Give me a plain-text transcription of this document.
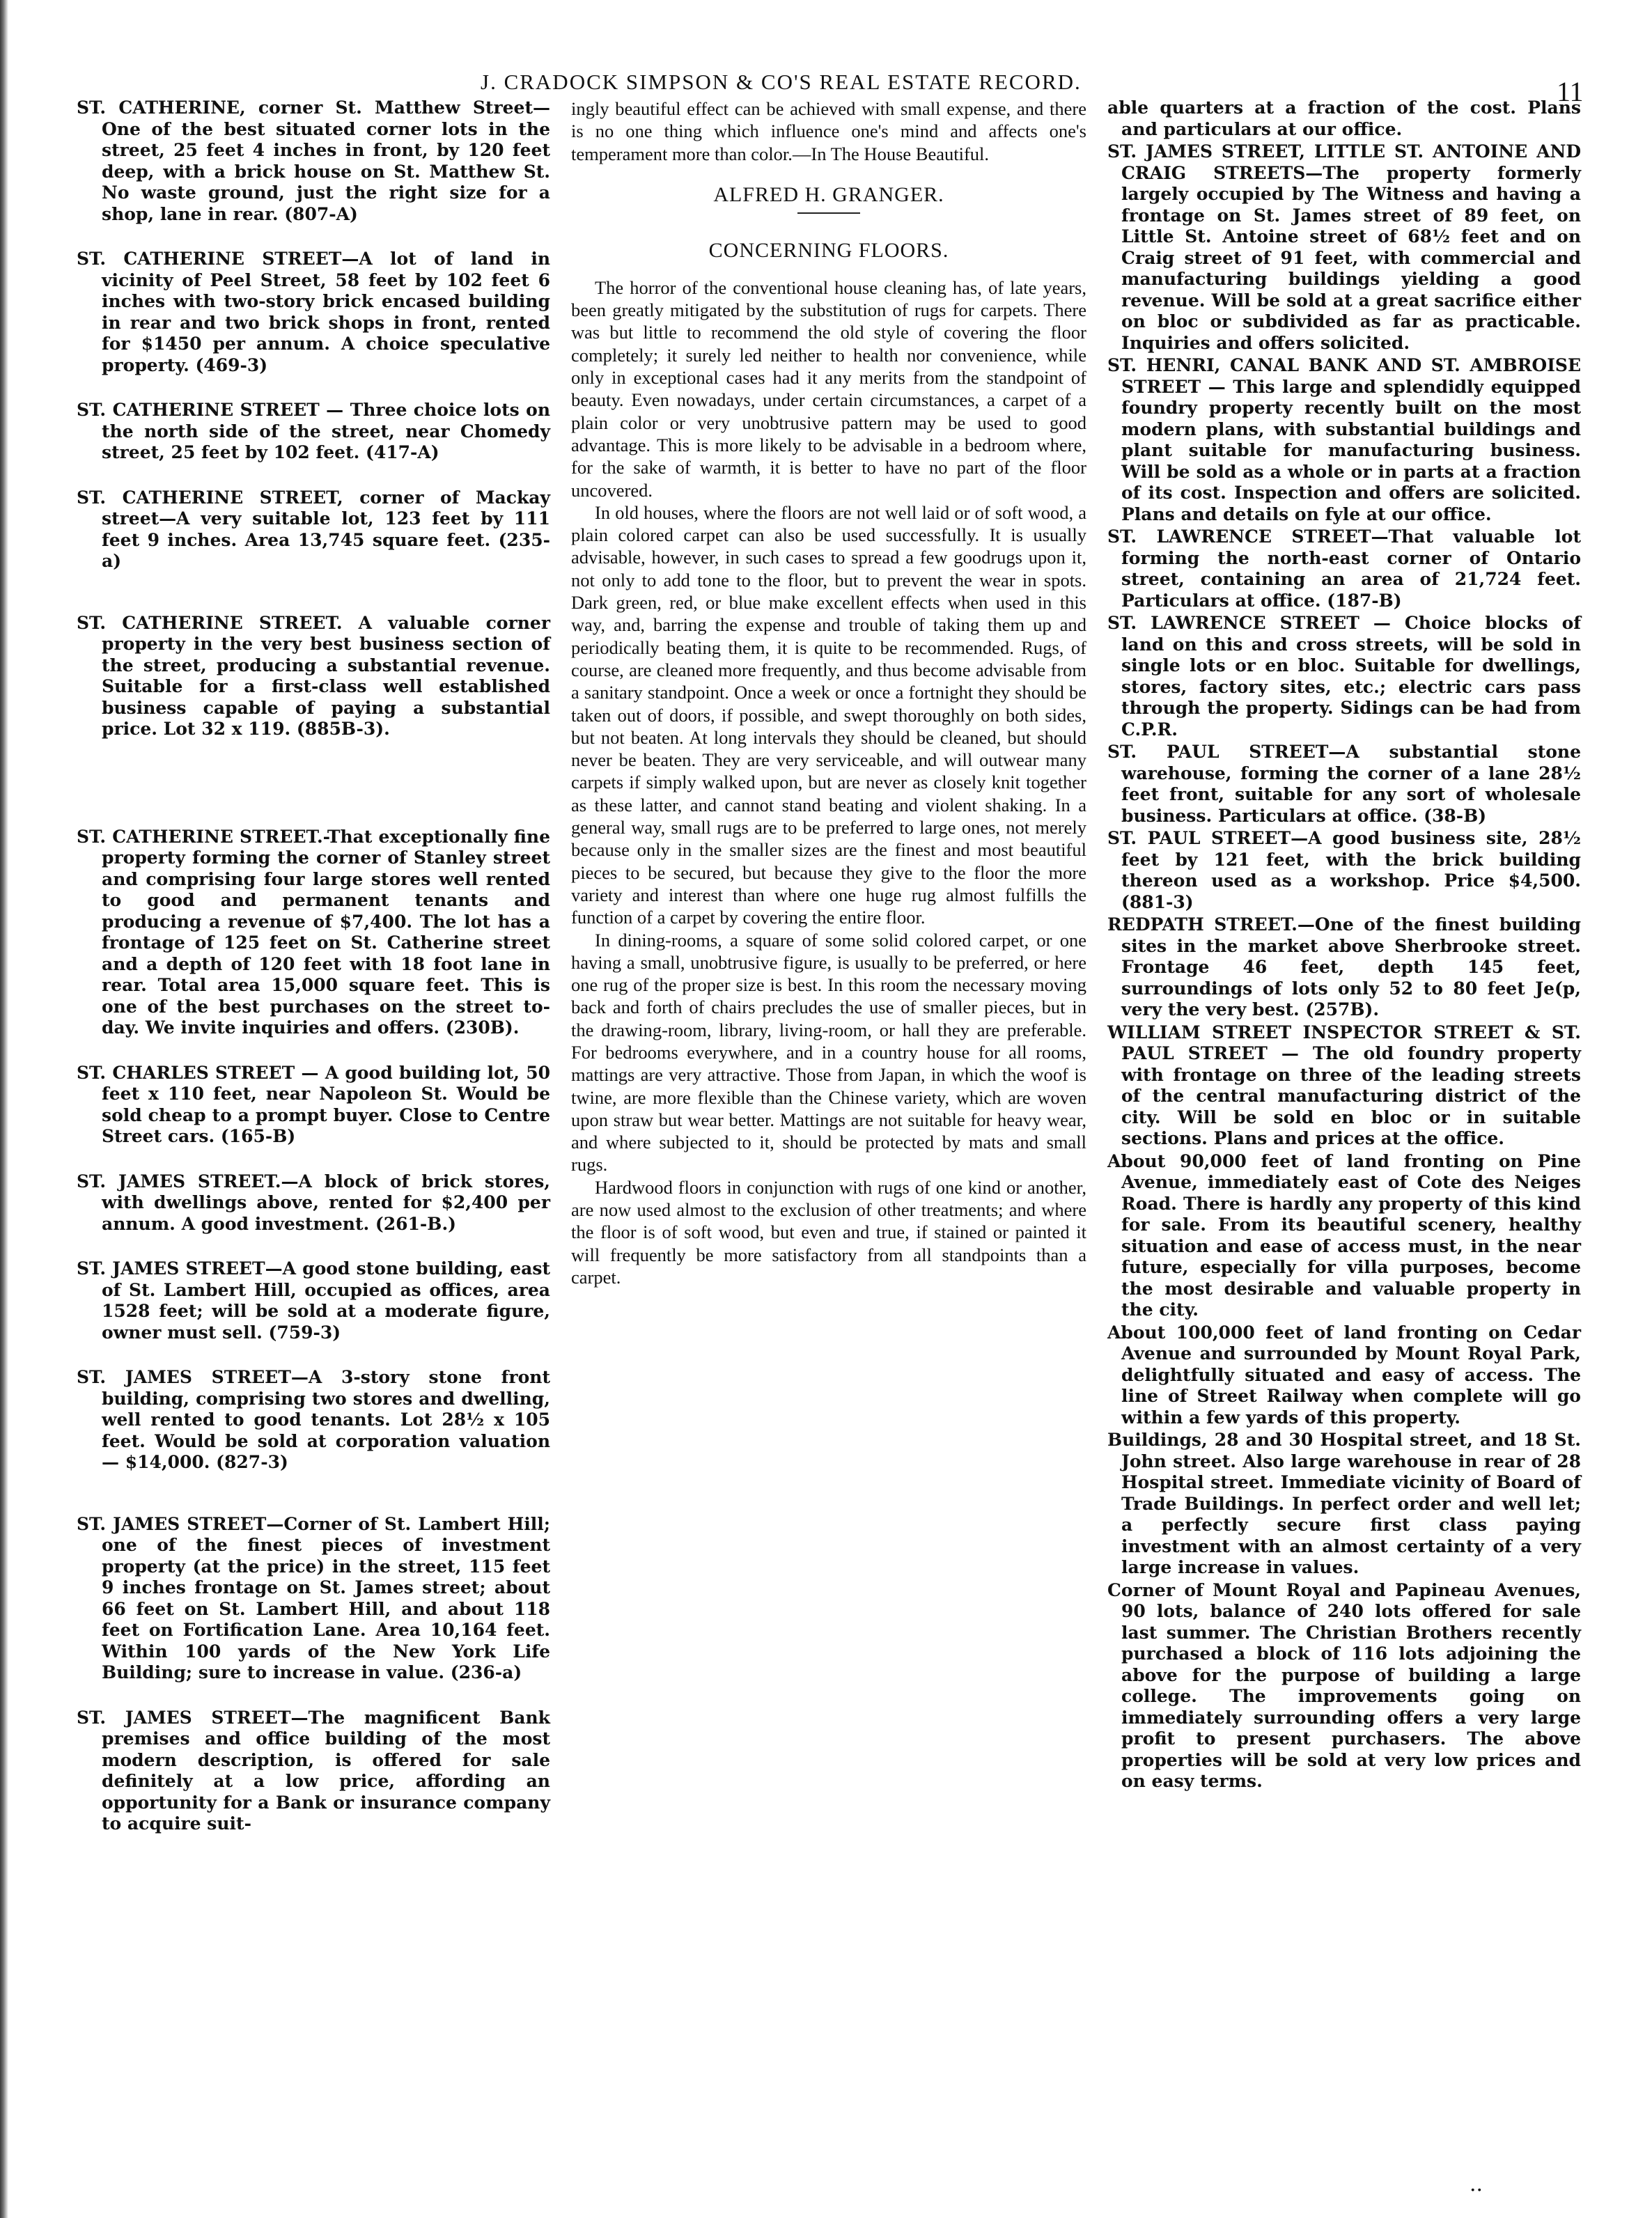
J. CRADOCK SIMPSON & CO'S REAL ESTATE RECORD.	11

ST. CATHERINE, corner St. Matthew Street—One of the best situated corner lots in the street, 25 feet 4 inches in front, by 120 feet deep, with a brick house on St. Matthew St. No waste ground, just the right size for a shop, lane in rear. (807-A)

ST. CATHERINE STREET—A lot of land in vicinity of Peel Street, 58 feet by 102 feet 6 inches with two-story brick encased building in rear and two brick shops in front, rented for $1450 per annum. A choice speculative property. (469-3)

ST. CATHERINE STREET — Three choice lots on the north side of the street, near Chomedy street, 25 feet by 102 feet. (417-A)

ST. CATHERINE STREET, corner of Mackay street—A very suitable lot, 123 feet by 111 feet 9 inches. Area 13,745 square feet. (235-a)

ST. CATHERINE STREET. A valuable corner property in the very best business section of the street, producing a substantial revenue. Suitable for a first-class well established business capable of paying a substantial price. Lot 32 x 119. (885B-3).

ST. CATHERINE STREET.-That exceptionally fine property forming the corner of Stanley street and comprising four large stores well rented to good and permanent tenants and producing a revenue of $7,400. The lot has a frontage of 125 feet on St. Catherine street and a depth of 120 feet with 18 foot lane in rear. Total area 15,000 square feet. This is one of the best purchases on the street to-day. We invite inquiries and offers. (230B).

ST. CHARLES STREET — A good building lot, 50 feet x 110 feet, near Napoleon St. Would be sold cheap to a prompt buyer. Close to Centre Street cars. (165-B)

ST. JAMES STREET.—A block of brick stores, with dwellings above, rented for $2,400 per annum. A good investment. (261-B.)

ST. JAMES STREET—A good stone building, east of St. Lambert Hill, occupied as offices, area 1528 feet; will be sold at a moderate figure, owner must sell. (759-3)

ST. JAMES STREET—A 3-story stone front building, comprising two stores and dwelling, well rented to good tenants. Lot 28½ x 105 feet. Would be sold at corporation valuation — $14,000. (827-3)

ST. JAMES STREET—Corner of St. Lambert Hill; one of the finest pieces of investment property (at the price) in the street, 115 feet 9 inches frontage on St. James street; about 66 feet on St. Lambert Hill, and about 118 feet on Fortification Lane. Area 10,164 feet. Within 100 yards of the New York Life Building; sure to increase in value. (236-a)

ST. JAMES STREET—The magnificent Bank premises and office building of the most modern description, is offered for sale definitely at a low price, affording an opportunity for a Bank or insurance company to acquire suit-

ingly beautiful effect can be achieved with small expense, and there is no one thing which influence one's mind and affects one's temperament more than color.—In The House Beautiful.
ALFRED H. GRANGER.
CONCERNING FLOORS.

The horror of the conventional house cleaning has, of late years, been greatly mitigated by the substitution of rugs for carpets. There was but little to recommend the old style of covering the floor completely; it surely led neither to health nor convenience, while only in exceptional cases had it any merits from the standpoint of beauty. Even nowadays, under certain circumstances, a carpet of a plain color or very unobtrusive pattern may be used to good advantage. This is more likely to be advisable in a bedroom where, for the sake of warmth, it is better to have no part of the floor uncovered.

In old houses, where the floors are not well laid or of soft wood, a plain colored carpet can also be used successfully. It is usually advisable, however, in such cases to spread a few goodrugs upon it, not only to add tone to the floor, but to prevent the wear in spots. Dark green, red, or blue make excellent effects when used in this way, and, barring the expense and trouble of taking them up and periodically beating them, it is quite to be recommended. Rugs, of course, are cleaned more frequently, and thus become advisable from a sanitary standpoint. Once a week or once a fortnight they should be taken out of doors, if possible, and swept thoroughly on both sides, but not beaten. At long intervals they should be cleaned, but should never be beaten. They are very serviceable, and will outwear many carpets if simply walked upon, but are never as closely knit together as these latter, and cannot stand beating and violent shaking. In a general way, small rugs are to be preferred to large ones, not merely because only in the smaller sizes are the finest and most beautiful pieces to be secured, but because they give to the floor the more variety and interest than where one huge rug almost fulfills the function of a carpet by covering the entire floor.

In dining-rooms, a square of some solid colored carpet, or one having a small, unobtrusive figure, is usually to be preferred, or here one rug of the proper size is best. In this room the necessary moving back and forth of chairs precludes the use of smaller pieces, but in the drawing-room, library, living-room, or hall they are preferable. For bedrooms everywhere, and in a country house for all rooms, mattings are very attractive. Those from Japan, in which the woof is twine, are more flexible than the Chinese variety, which are woven upon straw but wear better. Mattings are not suitable for heavy wear, and where subjected to it, should be protected by mats and small rugs.

Hardwood floors in conjunction with rugs of one kind or another, are now used almost to the exclusion of other treatments; and where the floor is of soft wood, but even and true, if stained or painted it will frequently be more satisfactory from all standpoints than a carpet.

able quarters at a fraction of the cost. Plans and particulars at our office.

ST. JAMES STREET, LITTLE ST. ANTOINE AND CRAIG STREETS—The property formerly largely occupied by The Witness and having a frontage on St. James street of 89 feet, on Little St. Antoine street of 68½ feet and on Craig street of 91 feet, with commercial and manufacturing buildings yielding a good revenue. Will be sold at a great sacrifice either on bloc or subdivided as far as practicable. Inquiries and offers solicited.

ST. HENRI, CANAL BANK AND ST. AMBROISE STREET — This large and splendidly equipped foundry property recently built on the most modern plans, with substantial buildings and plant suitable for manufacturing business. Will be sold as a whole or in parts at a fraction of its cost. Inspection and offers are solicited. Plans and details on fyle at our office.

ST. LAWRENCE STREET—That valuable lot forming the north-east corner of Ontario street, containing an area of 21,724 feet. Particulars at office. (187-B)

ST. LAWRENCE STREET — Choice blocks of land on this and cross streets, will be sold in single lots or en bloc. Suitable for dwellings, stores, factory sites, etc.; electric cars pass through the property. Sidings can be had from C.P.R.

ST. PAUL STREET—A substantial stone warehouse, forming the corner of a lane 28½ feet front, suitable for any sort of wholesale business. Particulars at office. (38-B)

ST. PAUL STREET—A good business site, 28½ feet by 121 feet, with the brick building thereon used as a workshop. Price $4,500. (881-3)

REDPATH STREET.—One of the finest building sites in the market above Sherbrooke street. Frontage 46 feet, depth 145 feet, surroundings of lots only 52 to 80 feet Je(p, very the very best. (257B).

WILLIAM STREET INSPECTOR STREET & ST. PAUL STREET — The old foundry property with frontage on three of the leading streets of the central manufacturing district of the city. Will be sold en bloc or in suitable sections. Plans and prices at the office.

About 90,000 feet of land fronting on Pine Avenue, immediately east of Cote des Neiges Road. There is hardly any property of this kind for sale. From its beautiful scenery, healthy situation and ease of access must, in the near future, especially for villa purposes, become the most desirable and valuable property in the city.

About 100,000 feet of land fronting on Cedar Avenue and surrounded by Mount Royal Park, delightfully situated and easy of access. The line of Street Railway when complete will go within a few yards of this property.

Buildings, 28 and 30 Hospital street, and 18 St. John street. Also large warehouse in rear of 28 Hospital street. Immediate vicinity of Board of Trade Buildings. In perfect order and well let; a perfectly secure first class paying investment with an almost certainty of a very large increase in values.

Corner of Mount Royal and Papineau Avenues, 90 lots, balance of 240 lots offered for sale last summer. The Christian Brothers recently purchased a block of 116 lots adjoining the above for the purpose of building a large college. The improvements going on immediately surrounding offers a very large profit to present purchasers. The above properties will be sold at very low prices and on easy terms.

··
